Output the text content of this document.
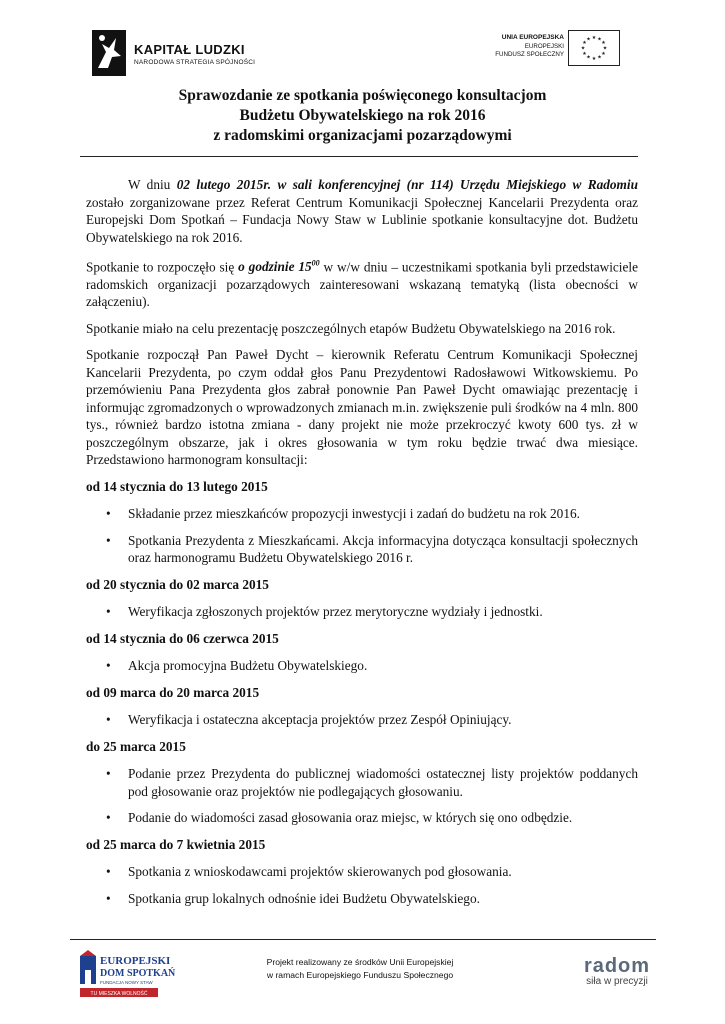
KAPITAŁ LUDZKI
NARODOWA STRATEGIA SPÓJNOŚCI
UNIA EUROPEJSKA
EUROPEJSKI
FUNDUSZ SPOŁECZNY
★ ★
★
★
★
★
★
★
★
★
★
★
Sprawozdanie ze spotkania poświęconego konsultacjom
Budżetu Obywatelskiego na rok 2016
z radomskimi organizacjami pozarządowymi

W dniu 02 lutego 2015r. w sali konferencyjnej (nr 114) Urzędu Miejskiego w Radomiu zostało zorganizowane przez Referat Centrum Komunikacji Społecznej Kancelarii Prezydenta oraz Europejski Dom Spotkań – Fundacja Nowy Staw w Lublinie spotkanie konsultacyjne dot. Budżetu Obywatelskiego na rok 2016.

Spotkanie to rozpoczęło się o godzinie $15^{00}$ w w/w dniu – uczestnikami spotkania byli przedstawiciele radomskich organizacji pozarządowych zainteresowani wskazaną tematyką (lista obecności w załączeniu).

Spotkanie miało na celu prezentację poszczególnych etapów Budżetu Obywatelskiego na 2016 rok.

Spotkanie rozpoczął Pan Paweł Dycht – kierownik Referatu Centrum Komunikacji Społecznej Kancelarii Prezydenta, po czym oddał głos Panu Prezydentowi Radosławowi Witkowskiemu. Po przemówieniu Pana Prezydenta głos zabrał ponownie Pan Paweł Dycht omawiając prezentację i informując zgromadzonych o wprowadzonych zmianach m.in. zwiększenie puli środków na 4 mln. 800 tys., również bardzo istotna zmiana - dany projekt nie może przekroczyć kwoty 600 tys. zł w poszczególnym obszarze, jak i okres głosowania w tym roku będzie trwać dwa miesiące. Przedstawiono harmonogram konsultacji:

od 14 stycznia do 13 lutego 2015
• Składanie przez mieszkańców propozycji inwestycji i zadań do budżetu na rok 2016.
• Spotkania Prezydenta z Mieszkańcami. Akcja informacyjna dotycząca konsultacji społecznych oraz harmonogramu Budżetu Obywatelskiego 2016 r.
od 20 stycznia do 02 marca 2015
• Weryfikacja zgłoszonych projektów przez merytoryczne wydziały i jednostki.
od 14 stycznia do 06 czerwca 2015
• Akcja promocyjna Budżetu Obywatelskiego.
od 09 marca do 20 marca 2015
• Weryfikacja i ostateczna akceptacja projektów przez Zespół Opiniujący.
do 25 marca 2015
• Podanie przez Prezydenta do publicznej wiadomości ostatecznej listy projektów poddanych pod głosowanie oraz projektów nie podlegających głosowaniu.
• Podanie do wiadomości zasad głosowania oraz miejsc, w których się ono odbędzie.
od 25 marca do 7 kwietnia 2015
• Spotkania z wnioskodawcami projektów skierowanych pod głosowania.
• Spotkania grup lokalnych odnośnie idei Budżetu Obywatelskiego.
EUROPEJSKI
DOM SPOTKAŃ
FUNDACJA NOWY STAW
TU MIESZKA WOLNOŚĆ
Projekt realizowany ze środków Unii Europejskiej
w ramach Europejskiego Funduszu Społecznego	radom
siła w precyzji
